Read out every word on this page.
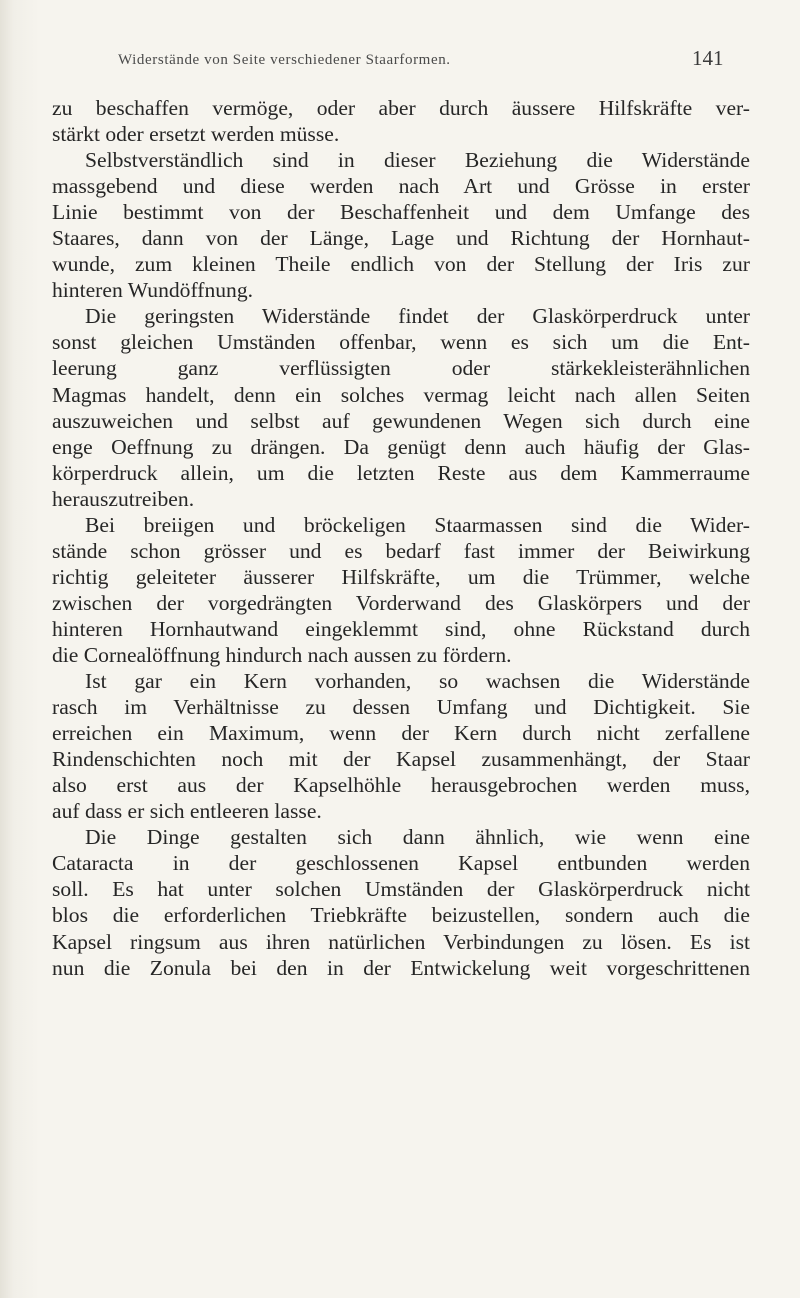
Widerstände von Seite verschiedener Staarformen.	141
zu beschaffen vermöge, oder aber durch äussere Hilfskräfte ver-
stärkt oder ersetzt werden müsse.
Selbstverständlich sind in dieser Beziehung die Widerstände
massgebend und diese werden nach Art und Grösse in erster
Linie bestimmt von der Beschaffenheit und dem Umfange des
Staares, dann von der Länge, Lage und Richtung der Hornhaut-
wunde, zum kleinen Theile endlich von der Stellung der Iris zur
hinteren Wundöffnung.
Die geringsten Widerstände findet der Glaskörperdruck unter
sonst gleichen Umständen offenbar, wenn es sich um die Ent-
leerung ganz verflüssigten oder stärkekleisterähnlichen
Magmas handelt, denn ein solches vermag leicht nach allen Seiten
auszuweichen und selbst auf gewundenen Wegen sich durch eine
enge Oeffnung zu drängen. Da genügt denn auch häufig der Glas-
körperdruck allein, um die letzten Reste aus dem Kammerraume
herauszutreiben.
Bei breiigen und bröckeligen Staarmassen sind die Wider-
stände schon grösser und es bedarf fast immer der Beiwirkung
richtig geleiteter äusserer Hilfskräfte, um die Trümmer, welche
zwischen der vorgedrängten Vorderwand des Glaskörpers und der
hinteren Hornhautwand eingeklemmt sind, ohne Rückstand durch
die Cornealöffnung hindurch nach aussen zu fördern.
Ist gar ein Kern vorhanden, so wachsen die Widerstände
rasch im Verhältnisse zu dessen Umfang und Dichtigkeit. Sie
erreichen ein Maximum, wenn der Kern durch nicht zerfallene
Rindenschichten noch mit der Kapsel zusammenhängt, der Staar
also erst aus der Kapselhöhle herausgebrochen werden muss,
auf dass er sich entleeren lasse.
Die Dinge gestalten sich dann ähnlich, wie wenn eine
Cataracta in der geschlossenen Kapsel entbunden werden
soll. Es hat unter solchen Umständen der Glaskörperdruck nicht
blos die erforderlichen Triebkräfte beizustellen, sondern auch die
Kapsel ringsum aus ihren natürlichen Verbindungen zu lösen. Es ist
nun die Zonula bei den in der Entwickelung weit vorgeschrittenen
